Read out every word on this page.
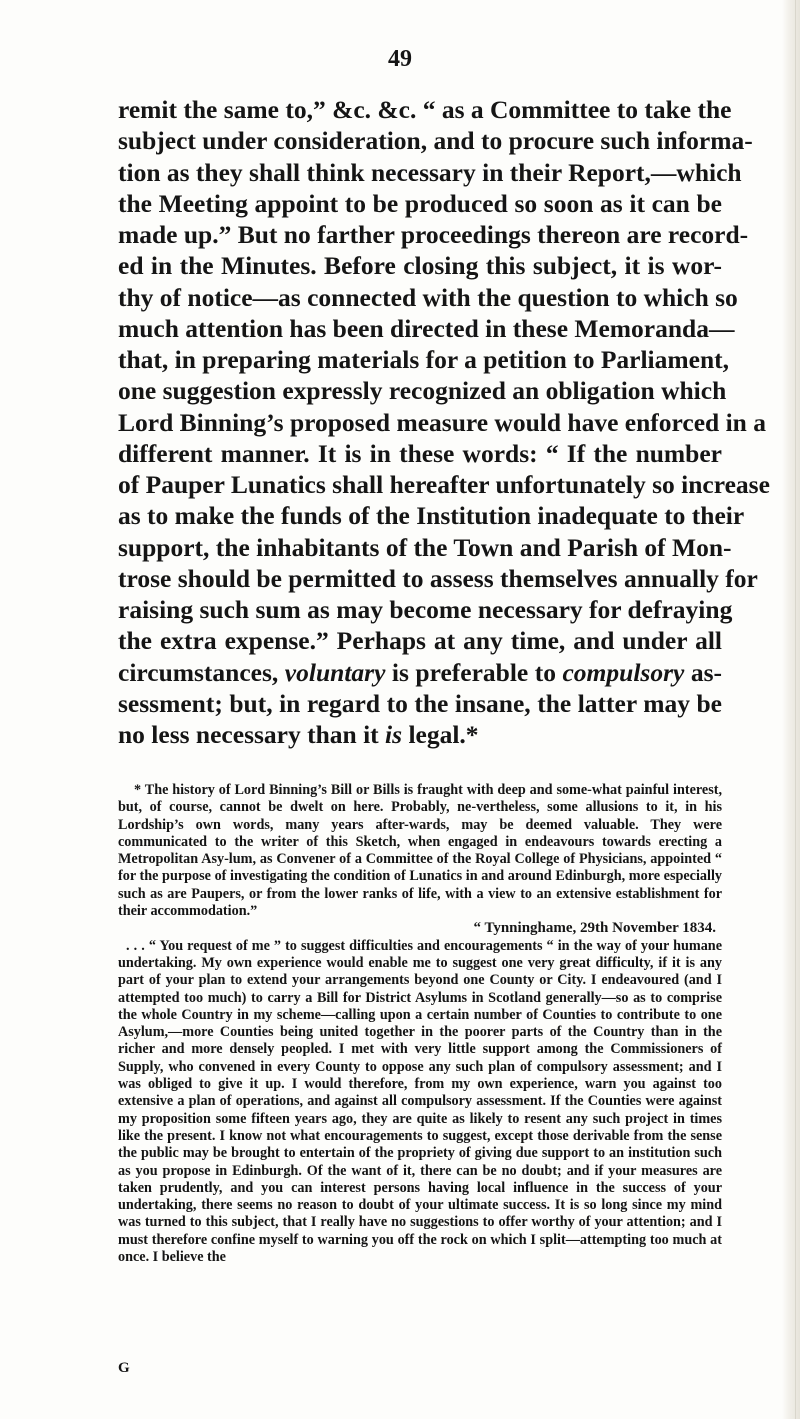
49

remit the same to,” &c. &c. “ as a Committee to take the
subject under consideration, and to procure such informa-
tion as they shall think necessary in their Report,—which
the Meeting appoint to be produced so soon as it can be
made up.” But no farther proceedings thereon are record-
ed in the Minutes. Before closing this subject, it is wor-
thy of notice—as connected with the question to which so
much attention has been directed in these Memoranda—
that, in preparing materials for a petition to Parliament,
one suggestion expressly recognized an obligation which
Lord Binning’s proposed measure would have enforced in a
different manner. It is in these words: “ If the number
of Pauper Lunatics shall hereafter unfortunately so increase
as to make the funds of the Institution inadequate to their
support, the inhabitants of the Town and Parish of Mon-
trose should be permitted to assess themselves annually for
raising such sum as may become necessary for defraying
the extra expense.” Perhaps at any time, and under all
circumstances, voluntary is preferable to compulsory as-
sessment; but, in regard to the insane, the latter may be
no less necessary than it is legal.*

* The history of Lord Binning’s Bill or Bills is fraught with deep and some-what painful interest, but, of course, cannot be dwelt on here. Probably, ne-vertheless, some allusions to it, in his Lordship’s own words, many years after-wards, may be deemed valuable. They were communicated to the writer of this Sketch, when engaged in endeavours towards erecting a Metropolitan Asy-lum, as Convener of a Committee of the Royal College of Physicians, appointed “ for the purpose of investigating the condition of Lunatics in and around Edinburgh, more especially such as are Paupers, or from the lower ranks of life, with a view to an extensive establishment for their accommodation.”

“ Tynninghame, 29th November 1834.

. . . “ You request of me ” to suggest difficulties and encouragements “ in the way of your humane undertaking. My own experience would enable me to suggest one very great difficulty, if it is any part of your plan to extend your arrangements beyond one County or City. I endeavoured (and I attempted too much) to carry a Bill for District Asylums in Scotland generally—so as to comprise the whole Country in my scheme—calling upon a certain number of Counties to contribute to one Asylum,—more Counties being united together in the poorer parts of the Country than in the richer and more densely peopled. I met with very little support among the Commissioners of Supply, who convened in every County to oppose any such plan of compulsory assessment; and I was obliged to give it up. I would therefore, from my own experience, warn you against too extensive a plan of operations, and against all compulsory assessment. If the Counties were against my proposition some fifteen years ago, they are quite as likely to resent any such project in times like the present. I know not what encouragements to suggest, except those derivable from the sense the public may be brought to entertain of the propriety of giving due support to an institution such as you propose in Edinburgh. Of the want of it, there can be no doubt; and if your measures are taken prudently, and you can interest persons having local influence in the success of your undertaking, there seems no reason to doubt of your ultimate success. It is so long since my mind was turned to this subject, that I really have no suggestions to offer worthy of your attention; and I must therefore confine myself to warning you off the rock on which I split—attempting too much at once. I believe the

G
